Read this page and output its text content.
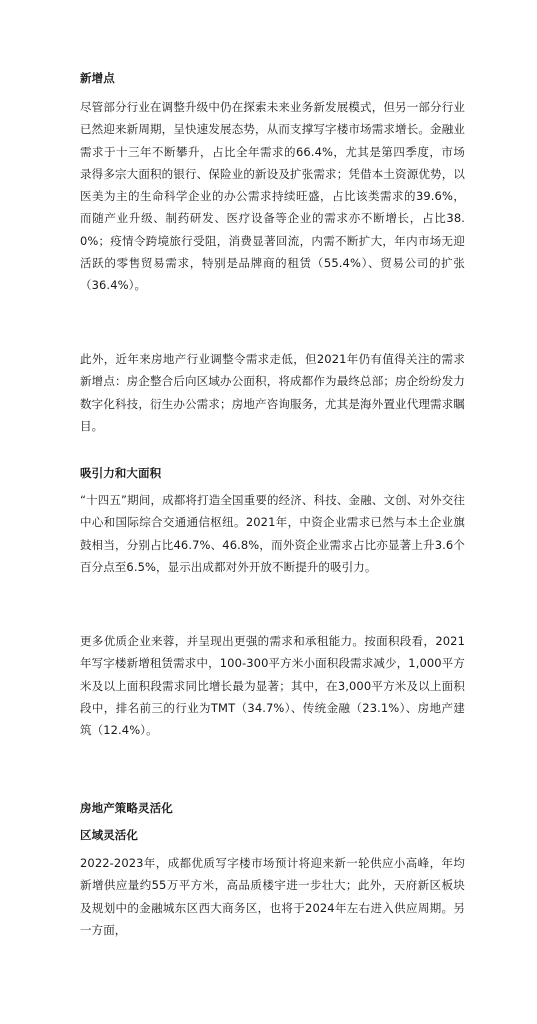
新增点

尽管部分行业在调整升级中仍在探索未来业务新发展模式，但另一部分行业已然迎来新周期，呈快速发展态势，从而支撑写字楼市场需求增长。金融业需求于十三年不断攀升，占比全年需求的66.4%，尤其是第四季度，市场录得多宗大面积的银行、保险业的新设及扩张需求；凭借本土资源优势，以医美为主的生命科学企业的办公需求持续旺盛，占比该类需求的39.6%，而随产业升级、制药研发、医疗设备等企业的需求亦不断增长，占比38.0%；疫情令跨境旅行受阻，消费显著回流，内需不断扩大，年内市场无迎活跃的零售贸易需求，特别是品牌商的租赁（55.4%）、贸易公司的扩张（36.4%）。

此外，近年来房地产行业调整令需求走低，但2021年仍有值得关注的需求新增点：房企整合后向区域办公面积，将成都作为最终总部；房企纷纷发力数字化科技，衍生办公需求；房地产咨询服务，尤其是海外置业代理需求瞩目。

吸引力和大面积

“十四五”期间，成都将打造全国重要的经济、科技、金融、文创、对外交往中心和国际综合交通通信枢纽。2021年，中资企业需求已然与本土企业旗鼓相当，分别占比46.7%、46.8%，而外资企业需求占比亦显著上升3.6个百分点至6.5%，显示出成都对外开放不断提升的吸引力。

更多优质企业来蓉，并呈现出更强的需求和承租能力。按面积段看，2021年写字楼新增租赁需求中，100-300平方米小面积段需求减少，1,000平方米及以上面积段需求同比增长最为显著；其中，在3,000平方米及以上面积段中，排名前三的行业为TMT（34.7%）、传统金融（23.1%）、房地产建筑（12.4%）。

房地产策略灵活化
区域灵活化

2022-2023年，成都优质写字楼市场预计将迎来新一轮供应小高峰，年均新增供应量约55万平方米，高品质楼宇进一步壮大；此外，天府新区板块及规划中的金融城东区西大商务区，也将于2024年左右进入供应周期。另一方面，
